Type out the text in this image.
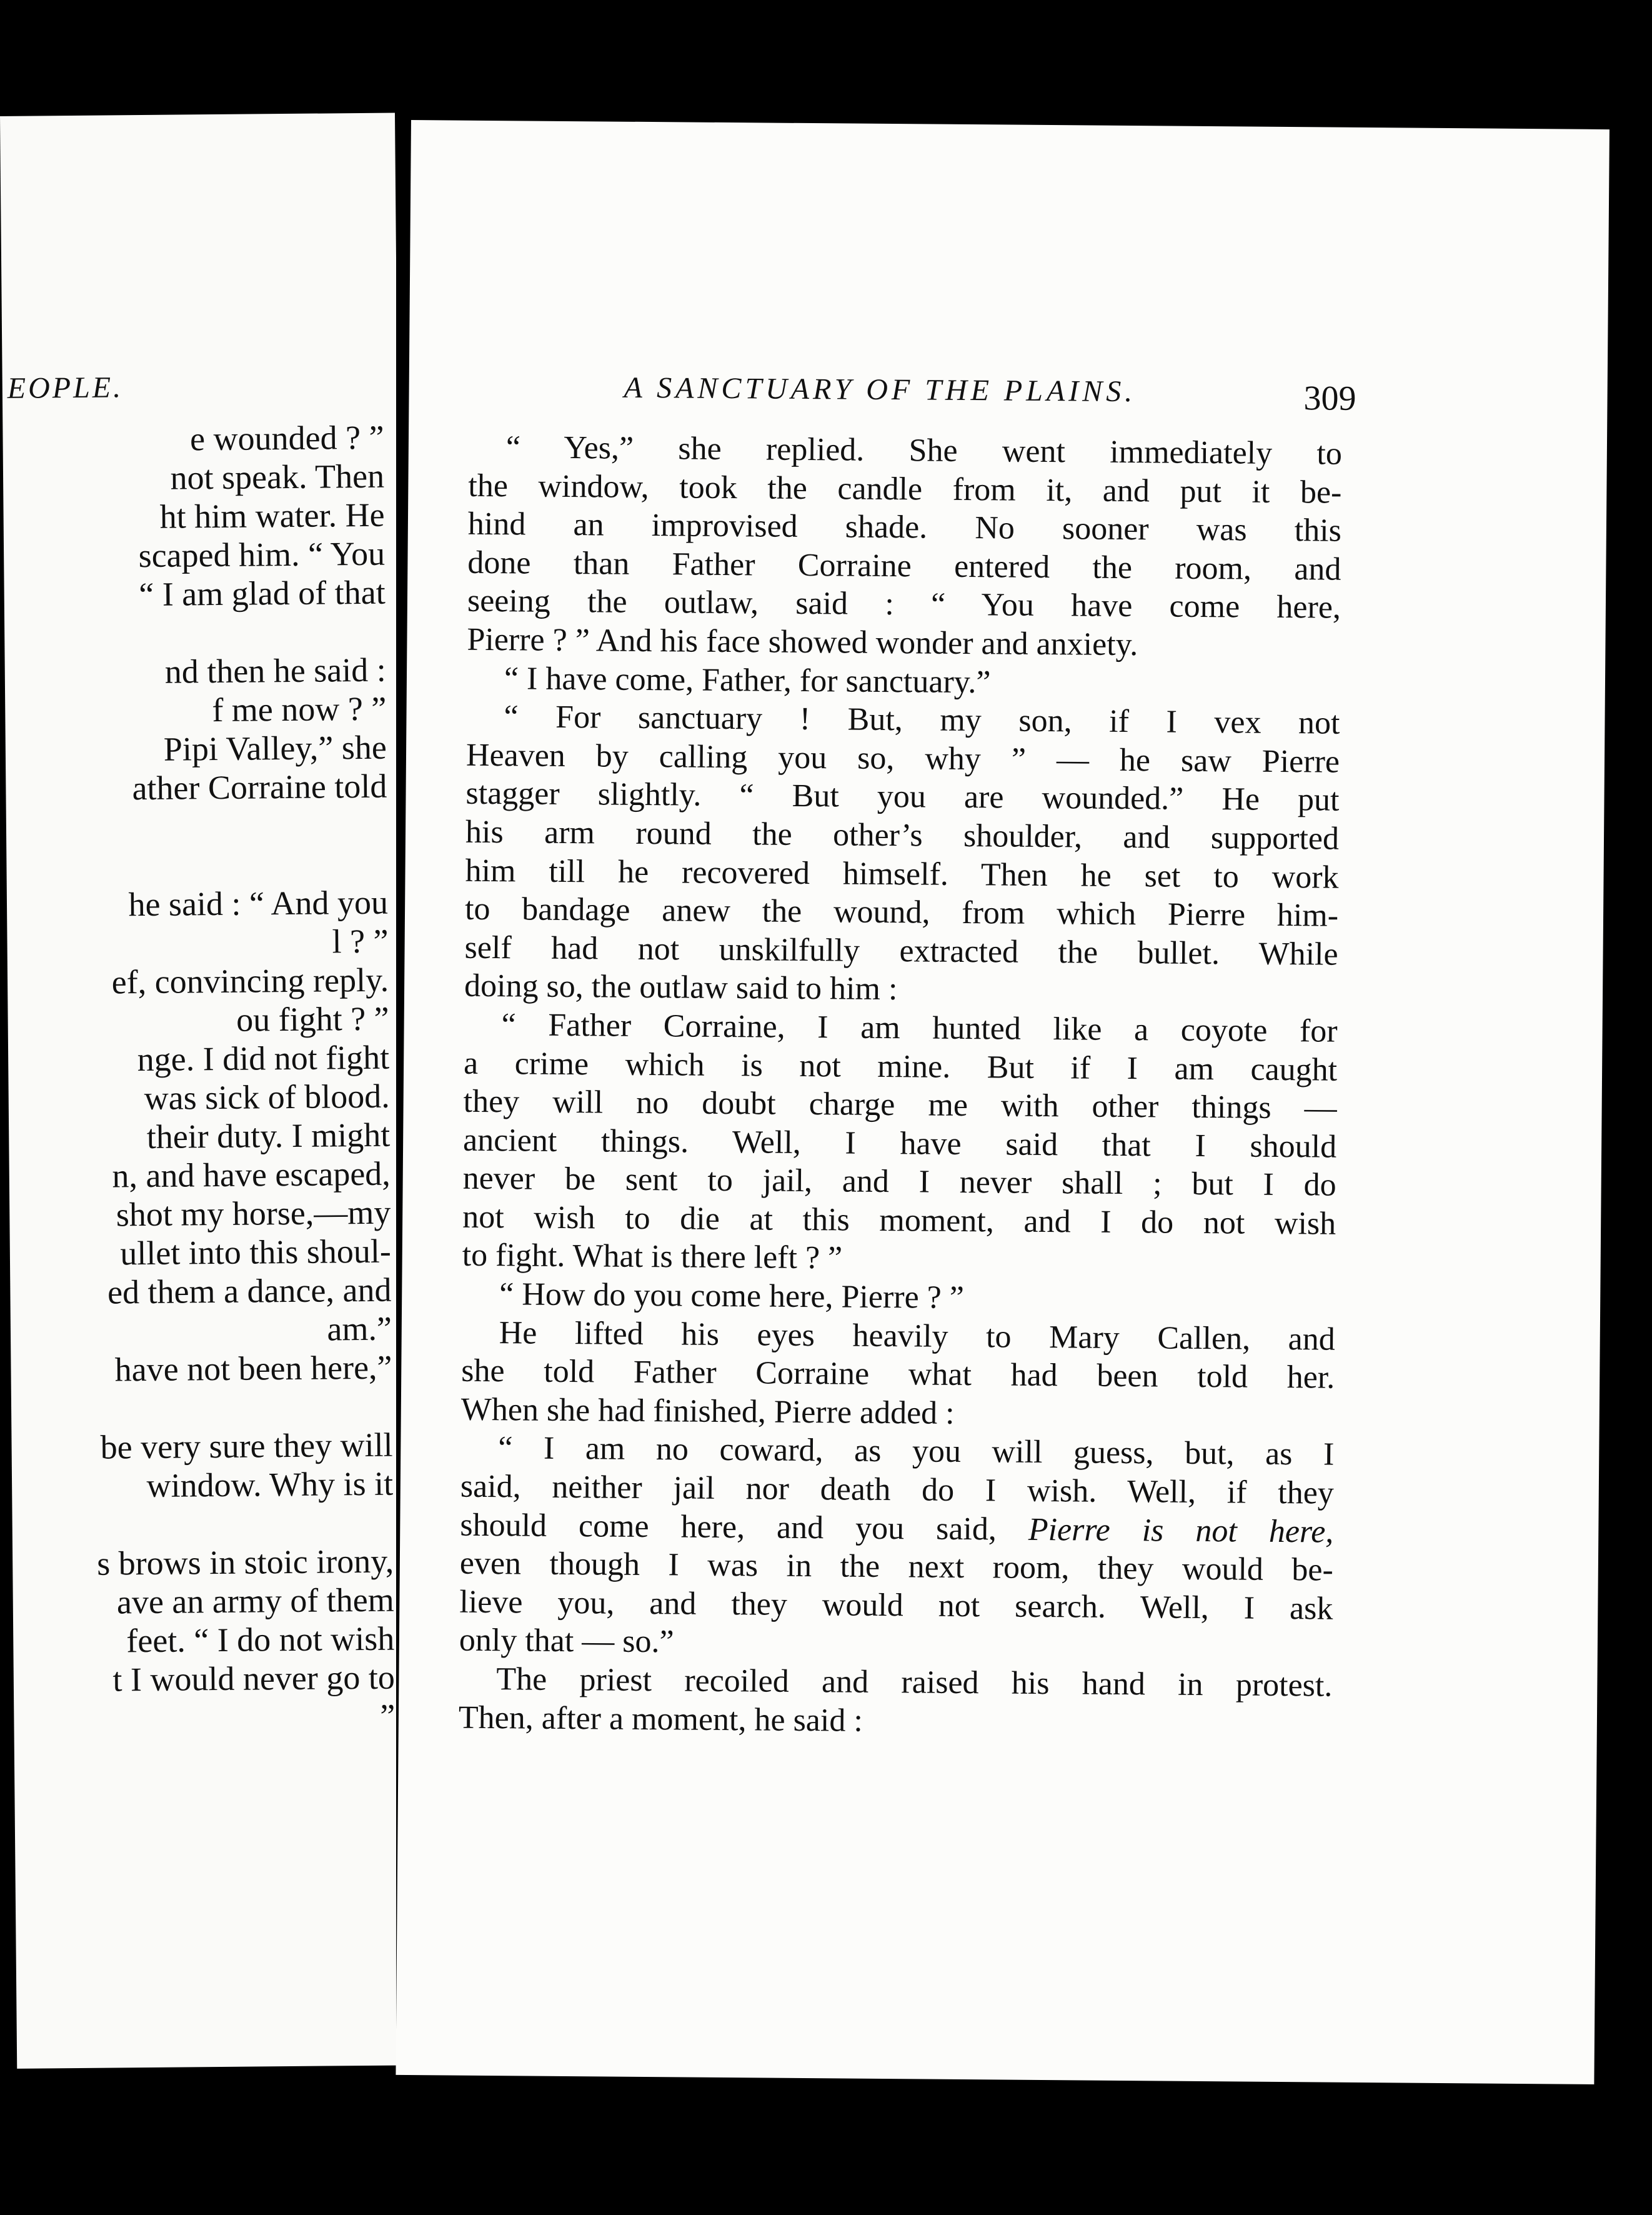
EOPLE.
e wounded ? ”
not speak. Then
ht him water. He
scaped him. “ You
“ I am glad of that
nd then he said :
f me now ? ”
Pipi Valley,” she
ather Corraine told
he said : “ And you
l ? ”
ef, convincing reply.
ou fight ? ”
nge. I did not fight
was sick of blood.
their duty. I might
n, and have escaped,
shot my horse,—my
ullet into this shoul-
ed them a dance, and
am.”
have not been here,”
be very sure they will
window. Why is it
s brows in stoic irony,
ave an army of them
feet. “ I do not wish
t I would never go to
”
A SANCTUARY OF THE PLAINS.	309
“ Yes,” she replied. She went immediately to
the window, took the candle from it, and put it be-
hind an improvised shade. No sooner was this
done than Father Corraine entered the room, and
seeing the outlaw, said : “ You have come here,
Pierre ? ” And his face showed wonder and anxiety.
“ I have come, Father, for sanctuary.”
“ For sanctuary ! But, my son, if I vex not
Heaven by calling you so, why ” — he saw Pierre
stagger slightly. “ But you are wounded.” He put
his arm round the other’s shoulder, and supported
him till he recovered himself. Then he set to work
to bandage anew the wound, from which Pierre him-
self had not unskilfully extracted the bullet. While
doing so, the outlaw said to him :
“ Father Corraine, I am hunted like a coyote for
a crime which is not mine. But if I am caught
they will no doubt charge me with other things —
ancient things. Well, I have said that I should
never be sent to jail, and I never shall ; but I do
not wish to die at this moment, and I do not wish
to fight. What is there left ? ”
“ How do you come here, Pierre ? ”
He lifted his eyes heavily to Mary Callen, and
she told Father Corraine what had been told her.
When she had finished, Pierre added :
“ I am no coward, as you will guess, but, as I
said, neither jail nor death do I wish. Well, if they
should come here, and you said, Pierre is not here,
even though I was in the next room, they would be-
lieve you, and they would not search. Well, I ask
only that — so.”
The priest recoiled and raised his hand in protest.
Then, after a moment, he said :
